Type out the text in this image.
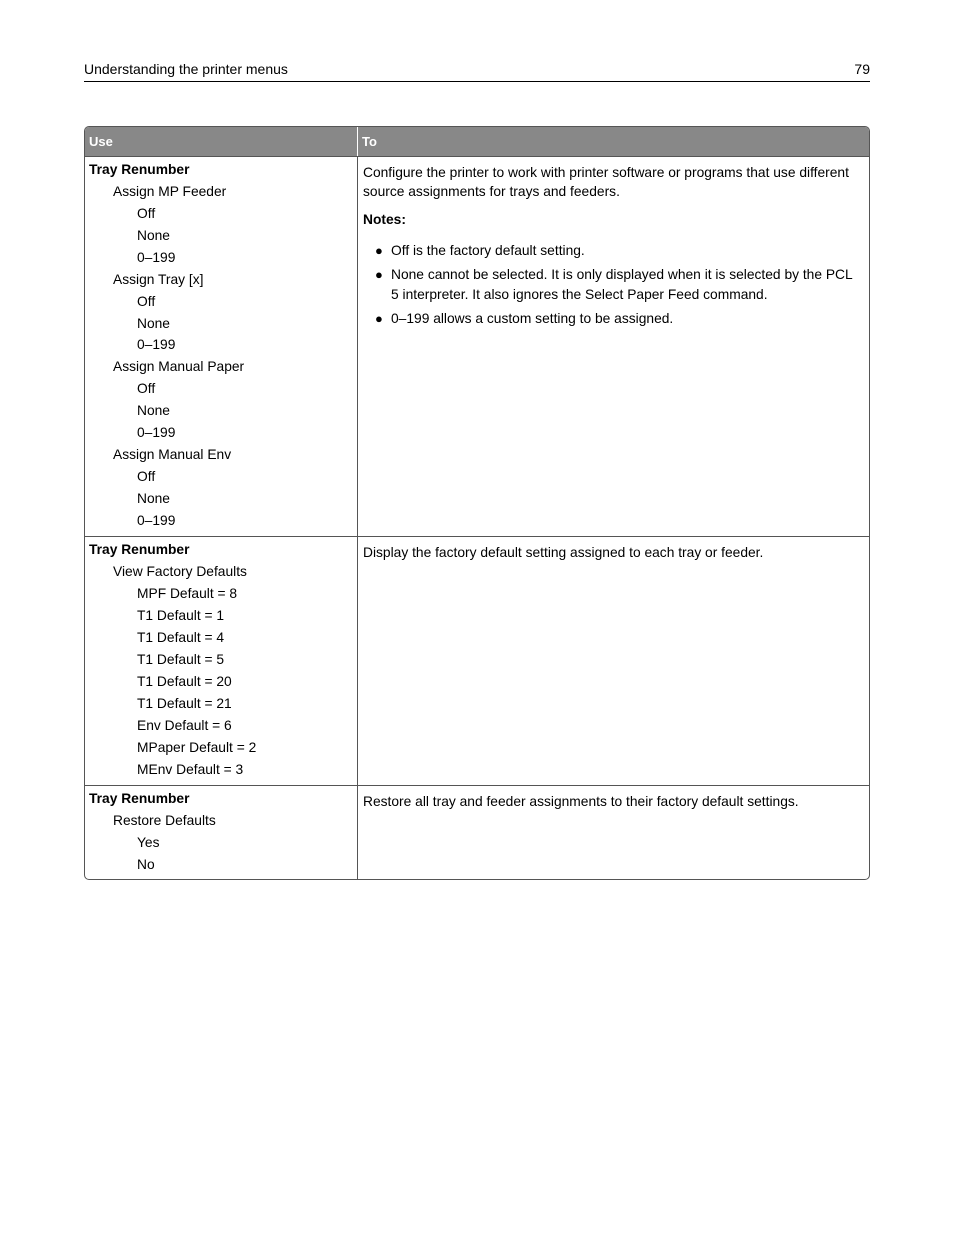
Understanding the printer menus	79
Use	To
Tray Renumber
Assign MP Feeder
Off
None
0–199
Assign Tray [x]
Off
None
0–199
Assign Manual Paper
Off
None
0–199
Assign Manual Env
Off
None
0–199

Configure the printer to work with printer software or programs that use different source assignments for trays and feeders.

Notes:

● Off is the factory default setting.
● None cannot be selected. It is only displayed when it is selected by the PCL 5 interpreter. It also ignores the Select Paper Feed command.
● 0–199 allows a custom setting to be assigned.
Tray Renumber
View Factory Defaults
MPF Default = 8
T1 Default = 1
T1 Default = 4
T1 Default = 5
T1 Default = 20
T1 Default = 21
Env Default = 6
MPaper Default = 2
MEnv Default = 3

Display the factory default setting assigned to each tray or feeder.

Tray Renumber
Restore Defaults
Yes
No

Restore all tray and feeder assignments to their factory default settings.
